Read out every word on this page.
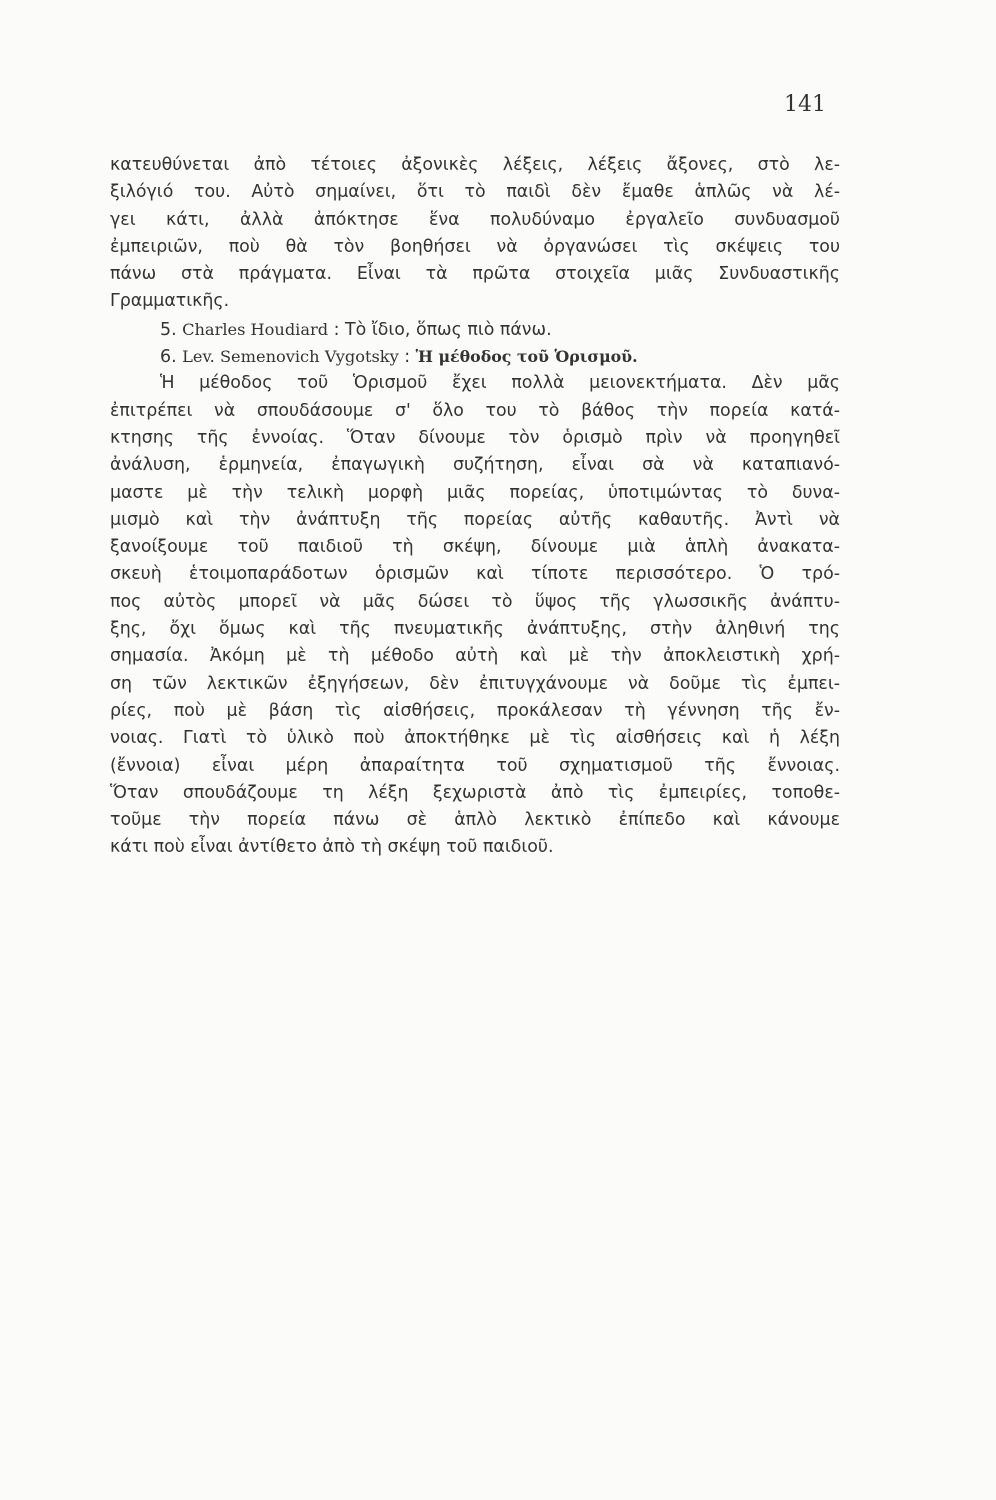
141
κατευθύνεται ἀπὸ τέτοιες ἀξονικὲς λέξεις, λέξεις ἄξονες, στὸ λε-
ξιλόγιό του. Αὐτὸ σημαίνει, ὅτι τὸ παιδὶ δὲν ἔμαθε ἁπλῶς νὰ λέ-
γει κάτι, ἀλλὰ ἀπόκτησε ἕνα πολυδύναμο ἐργαλεῖο συνδυασμοῦ
ἐμπειριῶν, ποὺ θὰ τὸν βοηθήσει νὰ ὀργανώσει τὶς σκέψεις του
πάνω στὰ πράγματα. Εἶναι τὰ πρῶτα στοιχεῖα μιᾶς Συνδυαστικῆς
Γραμματικῆς.
5. Charles Houdiard : Τὸ ἴδιο, ὅπως πιὸ πάνω.
6. Lev. Semenovich Vygotsky : Ἡ μέθοδος τοῦ Ὁρισμοῦ.
Ἡ μέθοδος τοῦ Ὁρισμοῦ ἔχει πολλὰ μειονεκτήματα. Δὲν μᾶς
ἐπιτρέπει νὰ σπουδάσουμε σ' ὅλο του τὸ βάθος τὴν πορεία κατά-
κτησης τῆς ἐννοίας. Ὅταν δίνουμε τὸν ὁρισμὸ πρὶν νὰ προηγηθεῖ
ἀνάλυση, ἑρμηνεία, ἐπαγωγικὴ συζήτηση, εἶναι σὰ νὰ καταπιανό-
μαστε μὲ τὴν τελικὴ μορφὴ μιᾶς πορείας, ὑποτιμώντας τὸ δυνα-
μισμὸ καὶ τὴν ἀνάπτυξη τῆς πορείας αὐτῆς καθαυτῆς. Ἀντὶ νὰ
ξανοίξουμε τοῦ παιδιοῦ τὴ σκέψη, δίνουμε μιὰ ἁπλὴ ἀνακατα-
σκευὴ ἑτοιμοπαράδοτων ὁρισμῶν καὶ τίποτε περισσότερο. Ὁ τρό-
πος αὐτὸς μπορεῖ νὰ μᾶς δώσει τὸ ὕψος τῆς γλωσσικῆς ἀνάπτυ-
ξης, ὄχι ὅμως καὶ τῆς πνευματικῆς ἀνάπτυξης, στὴν ἀληθινή της
σημασία. Ἀκόμη μὲ τὴ μέθοδο αὐτὴ καὶ μὲ τὴν ἀποκλειστικὴ χρή-
ση τῶν λεκτικῶν ἐξηγήσεων, δὲν ἐπιτυγχάνουμε νὰ δοῦμε τὶς ἐμπει-
ρίες, ποὺ μὲ βάση τὶς αἰσθήσεις, προκάλεσαν τὴ γέννηση τῆς ἔν-
νοιας. Γιατὶ τὸ ὑλικὸ ποὺ ἀποκτήθηκε μὲ τὶς αἰσθήσεις καὶ ἡ λέξη
(ἔννοια) εἶναι μέρη ἀπαραίτητα τοῦ σχηματισμοῦ τῆς ἔννοιας.
Ὅταν σπουδάζουμε τη λέξη ξεχωριστὰ ἀπὸ τὶς ἐμπειρίες, τοποθε-
τοῦμε τὴν πορεία πάνω σὲ ἁπλὸ λεκτικὸ ἐπίπεδο καὶ κάνουμε
κάτι ποὺ εἶναι ἀντίθετο ἀπὸ τὴ σκέψη τοῦ παιδιοῦ.
